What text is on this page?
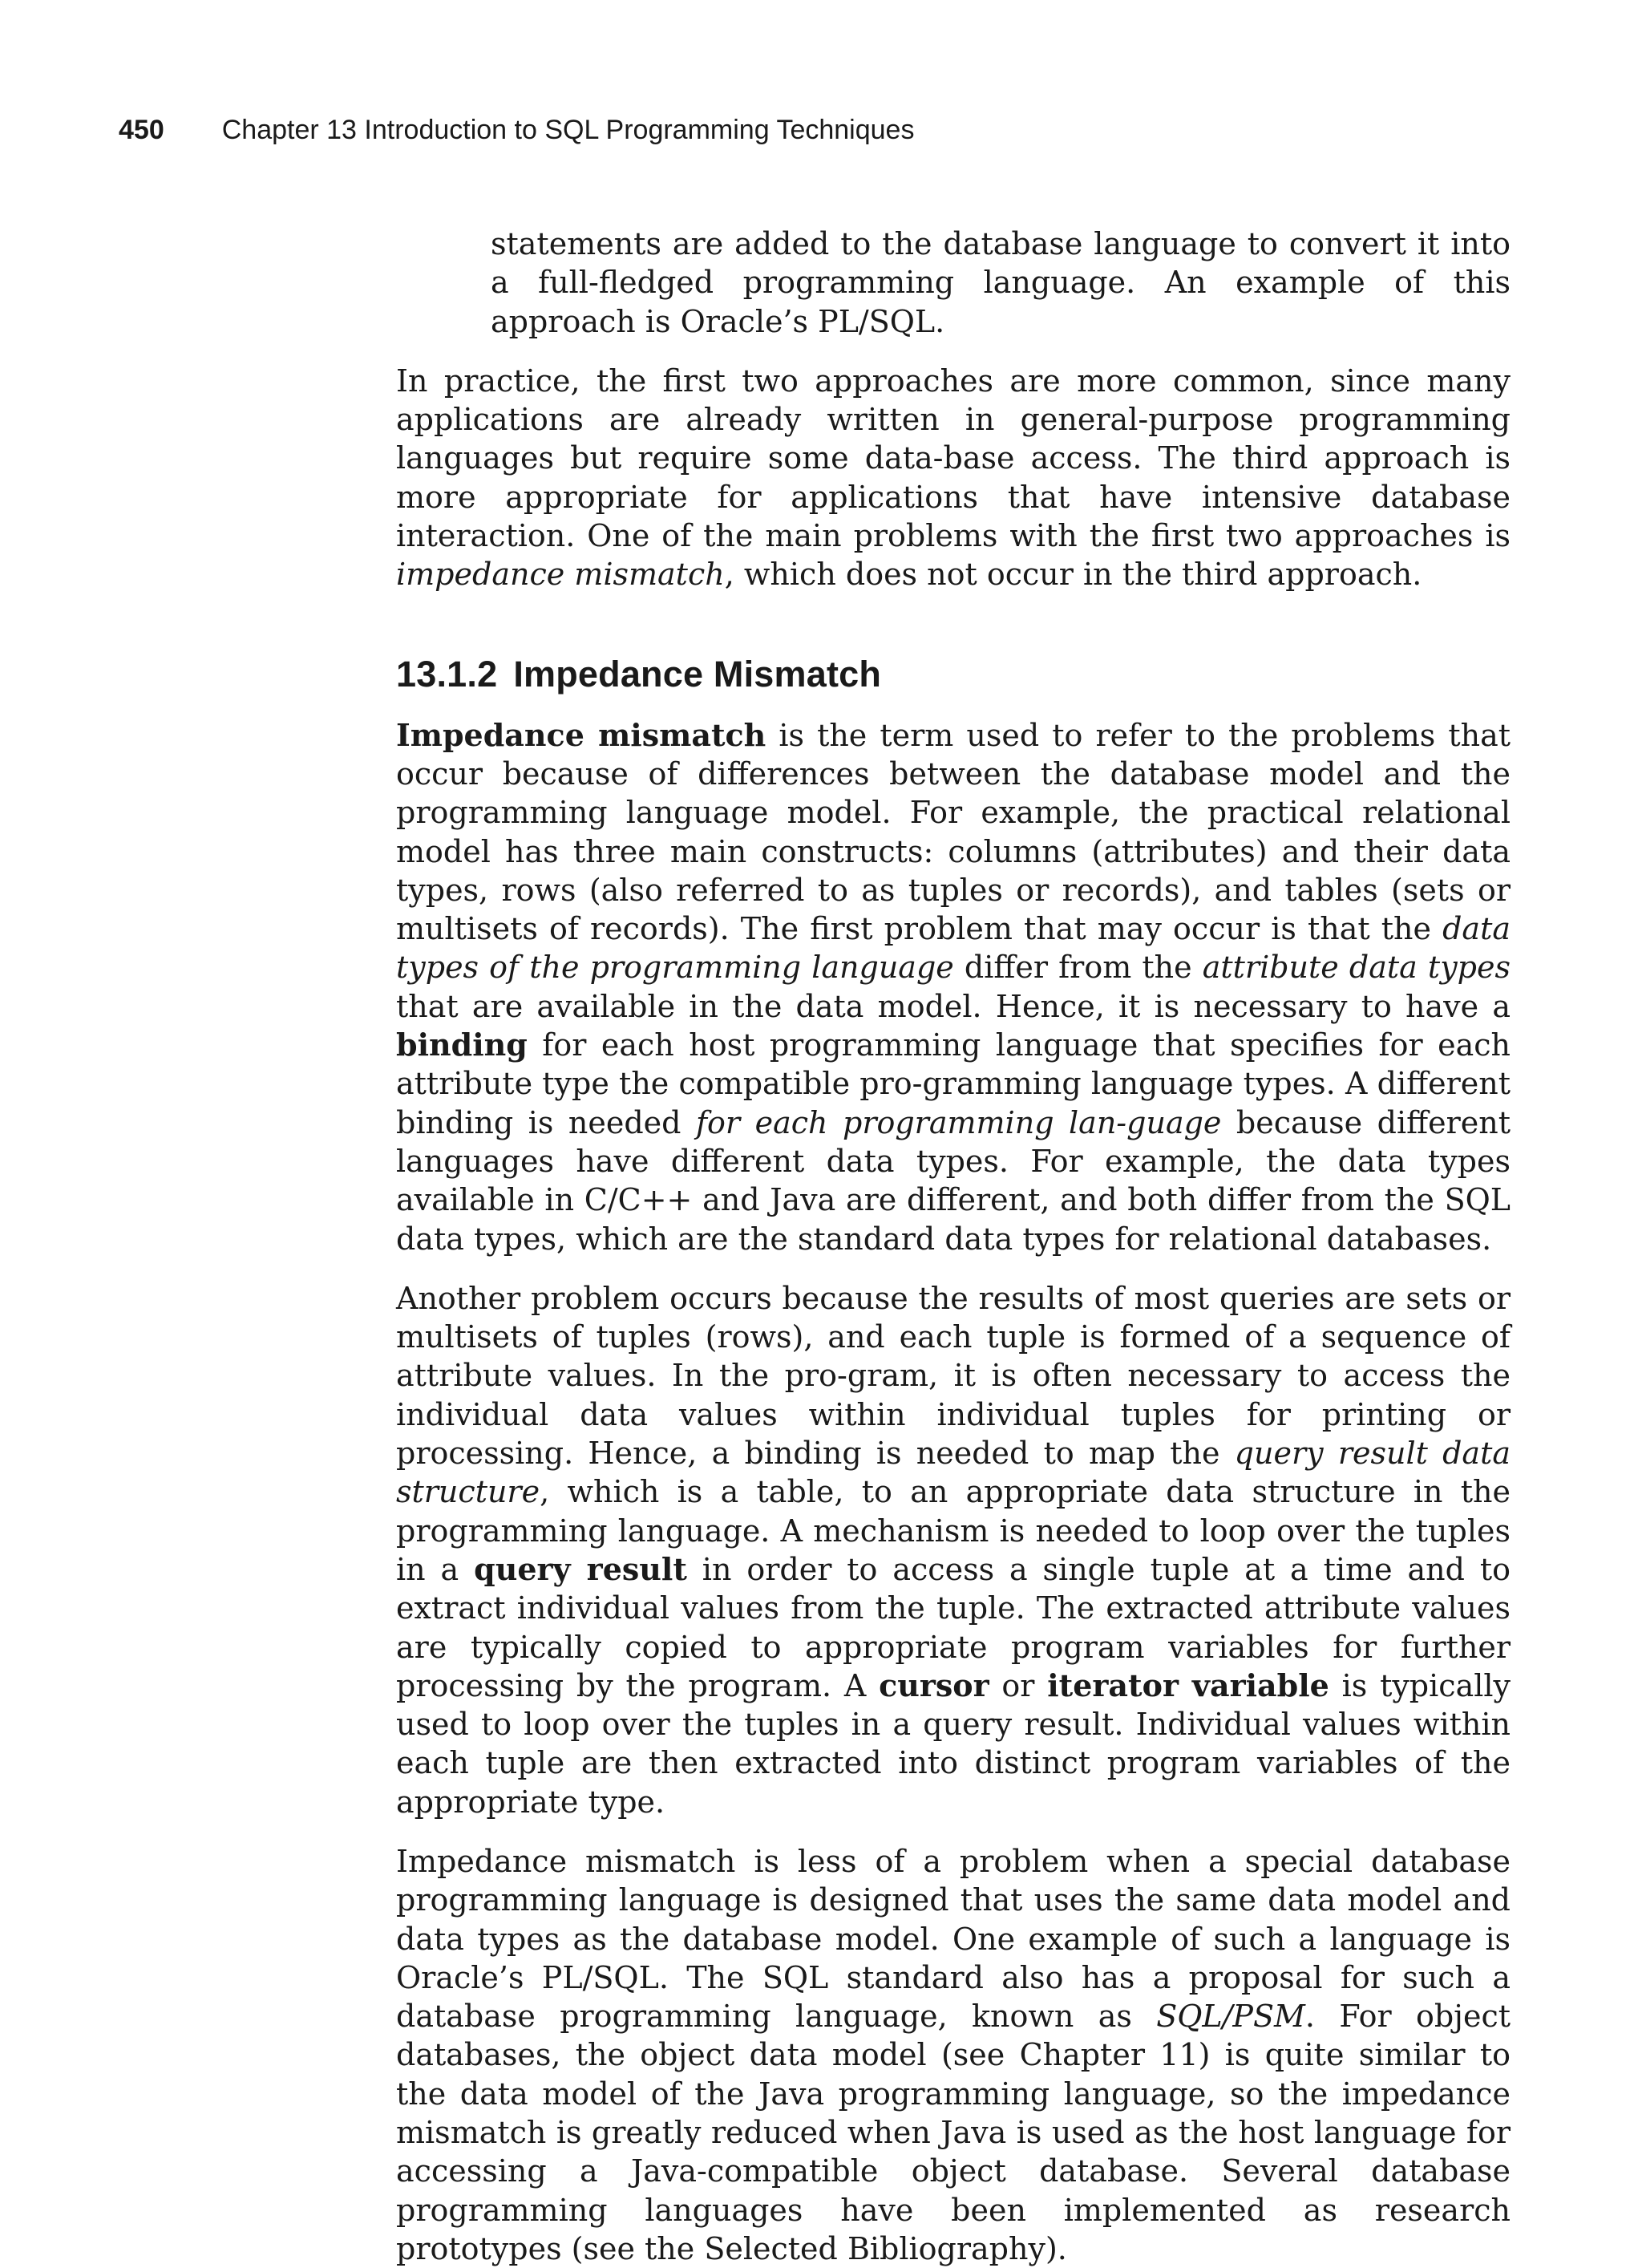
450 Chapter 13 Introduction to SQL Programming Techniques

statements are added to the database language to convert it into a full-fledged programming language. An example of this approach is Oracle’s PL/SQL.

In practice, the first two approaches are more common, since many applications are already written in general-purpose programming languages but require some data-base access. The third approach is more appropriate for applications that have intensive database interaction. One of the main problems with the first two approaches is impedance mismatch, which does not occur in the third approach.

13.1.2 Impedance Mismatch

Impedance mismatch is the term used to refer to the problems that occur because of differences between the database model and the programming language model. For example, the practical relational model has three main constructs: columns (attributes) and their data types, rows (also referred to as tuples or records), and tables (sets or multisets of records). The first problem that may occur is that the data types of the programming language differ from the attribute data types that are available in the data model. Hence, it is necessary to have a binding for each host programming language that specifies for each attribute type the compatible pro-gramming language types. A different binding is needed for each programming lan-guage because different languages have different data types. For example, the data types available in C/C++ and Java are different, and both differ from the SQL data types, which are the standard data types for relational databases.

Another problem occurs because the results of most queries are sets or multisets of tuples (rows), and each tuple is formed of a sequence of attribute values. In the pro-gram, it is often necessary to access the individual data values within individual tuples for printing or processing. Hence, a binding is needed to map the query result data structure, which is a table, to an appropriate data structure in the programming language. A mechanism is needed to loop over the tuples in a query result in order to access a single tuple at a time and to extract individual values from the tuple. The extracted attribute values are typically copied to appropriate program variables for further processing by the program. A cursor or iterator variable is typically used to loop over the tuples in a query result. Individual values within each tuple are then extracted into distinct program variables of the appropriate type.

Impedance mismatch is less of a problem when a special database programming language is designed that uses the same data model and data types as the database model. One example of such a language is Oracle’s PL/SQL. The SQL standard also has a proposal for such a database programming language, known as SQL/PSM. For object databases, the object data model (see Chapter 11) is quite similar to the data model of the Java programming language, so the impedance mismatch is greatly reduced when Java is used as the host language for accessing a Java-compatible object database. Several database programming languages have been implemented as research prototypes (see the Selected Bibliography).
